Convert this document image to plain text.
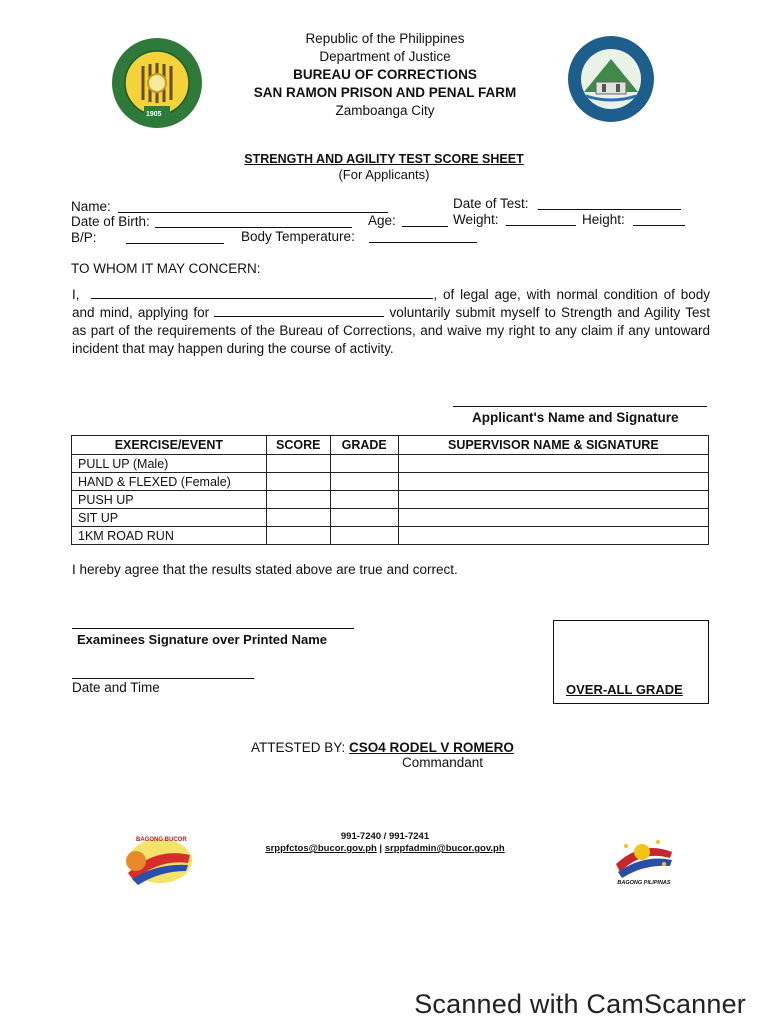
1905
Republic of the Philippines
Department of Justice
BUREAU OF CORRECTIONS
SAN RAMON PRISON AND PENAL FARM
Zamboanga City
STRENGTH AND AGILITY TEST SCORE SHEET
(For Applicants)
Name:	Date of Test:
Date of Birth:	Age:	Weight:	Height:
B/P:	Body Temperature:
TO WHOM IT MAY CONCERN:
I,	, of legal age, with normal condition of body and mind, applying for	voluntarily submit myself to Strength and Agility Test as part of the requirements of the Bureau of Corrections, and waive my right to any claim if any untoward incident that may happen during the course of activity.
Applicant's Name and Signature
EXERCISE/EVENT	SCORE	GRADE	SUPERVISOR NAME & SIGNATURE
PULL UP (Male)			
HAND & FLEXED (Female)			
PUSH UP			
SIT UP			
1KM ROAD RUN			
I hereby agree that the results stated above are true and correct.
Examinees Signature over Printed Name
Date and Time	OVER-ALL GRADE
ATTESTED BY: CSO4 RODEL V ROMERO
Commandant
BAGONG BUCOR
BAGONG PILIPINAS
991-7240 / 991-7241
srppfctos@bucor.gov.ph | srppfadmin@bucor.gov.ph
Scanned with CamScanner
